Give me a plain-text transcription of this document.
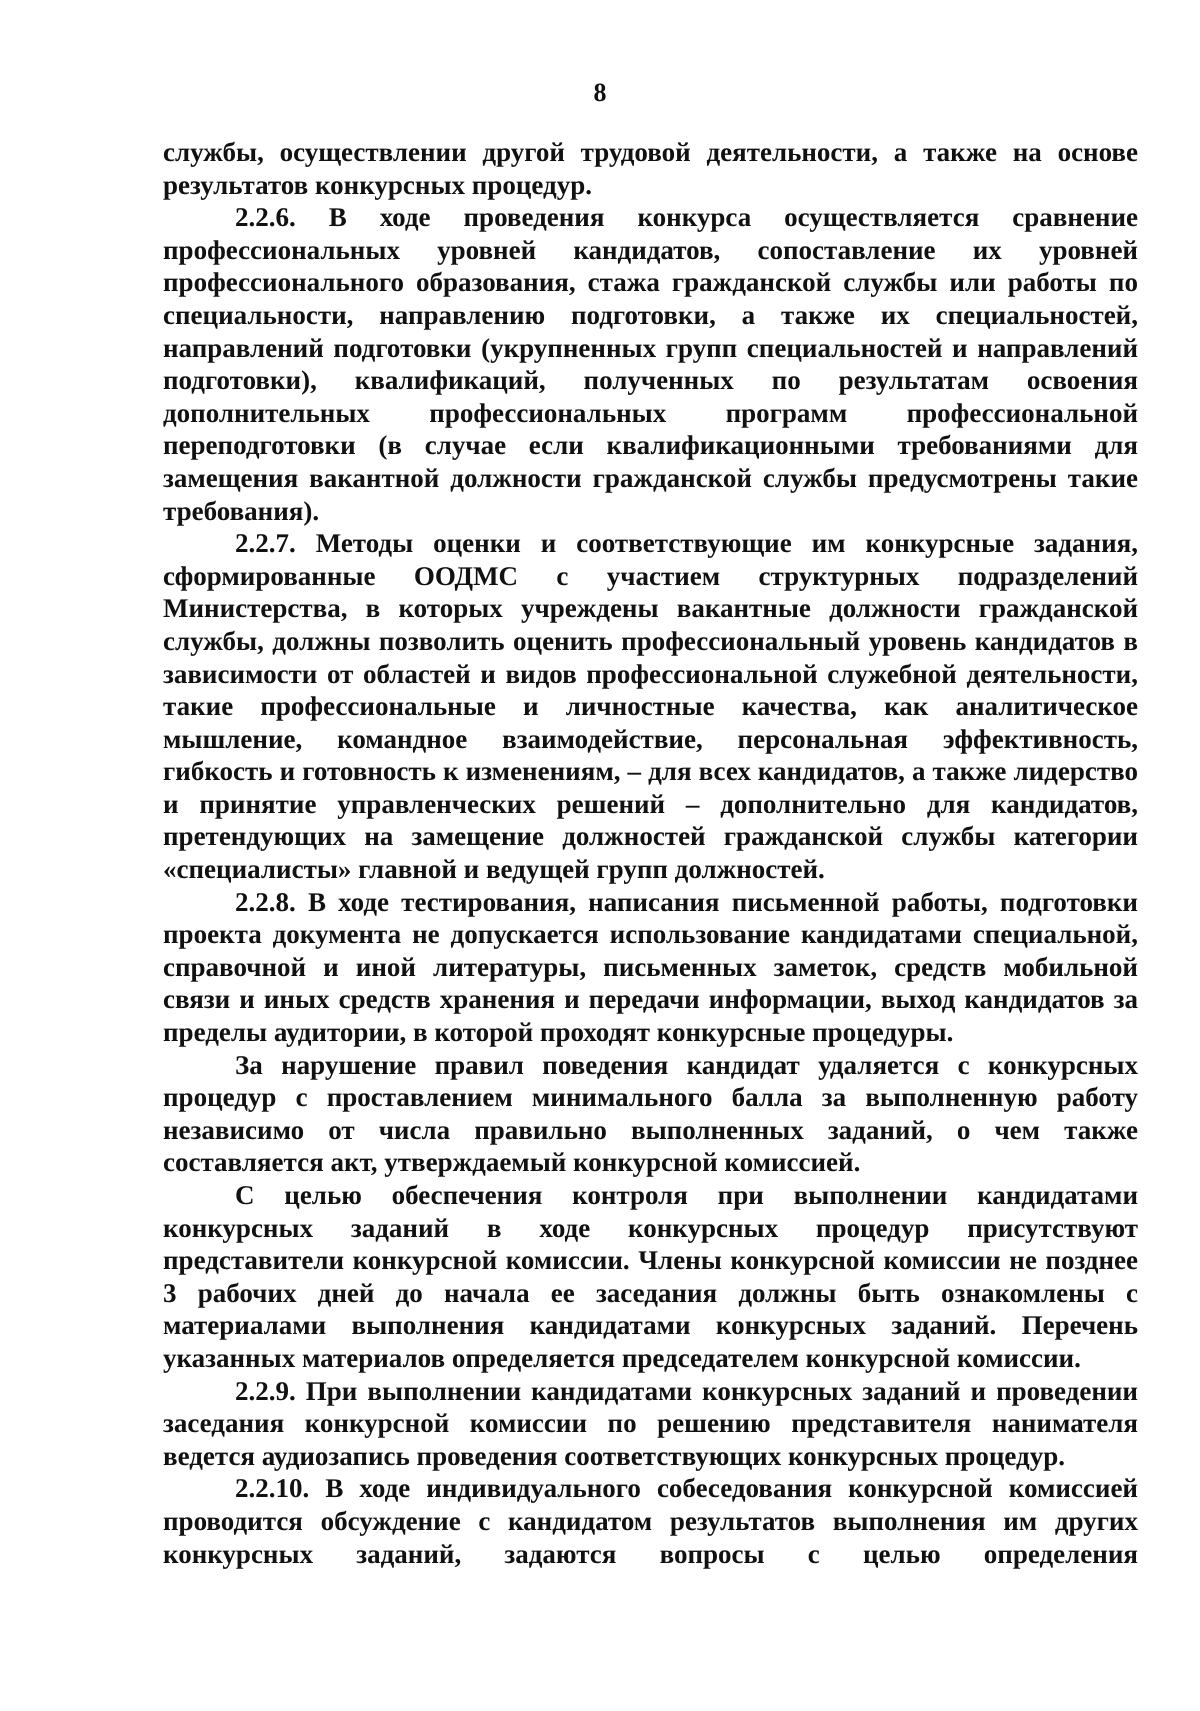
8

службы, осуществлении другой трудовой деятельности, а также на основе результатов конкурсных процедур.

2.2.6. В ходе проведения конкурса осуществляется сравнение профессиональных уровней кандидатов, сопоставление их уровней профессионального образования, стажа гражданской службы или работы по специальности, направлению подготовки, а также их специальностей, направлений подготовки (укрупненных групп специальностей и направлений подготовки), квалификаций, полученных по результатам освоения дополнительных профессиональных программ профессиональной переподготовки (в случае если квалификационными требованиями для замещения вакантной должности гражданской службы предусмотрены такие требования).

2.2.7. Методы оценки и соответствующие им конкурсные задания, сформированные ООДМС с участием структурных подразделений Министерства, в которых учреждены вакантные должности гражданской службы, должны позволить оценить профессиональный уровень кандидатов в зависимости от областей и видов профессиональной служебной деятельности, такие профессиональные и личностные качества, как аналитическое мышление, командное взаимодействие, персональная эффективность, гибкость и готовность к изменениям, – для всех кандидатов, а также лидерство и принятие управленческих решений – дополнительно для кандидатов, претендующих на замещение должностей гражданской службы категории «специалисты» главной и ведущей групп должностей.

2.2.8. В ходе тестирования, написания письменной работы, подготовки проекта документа не допускается использование кандидатами специальной, справочной и иной литературы, письменных заметок, средств мобильной связи и иных средств хранения и передачи информации, выход кандидатов за пределы аудитории, в которой проходят конкурсные процедуры.

За нарушение правил поведения кандидат удаляется с конкурсных процедур с проставлением минимального балла за выполненную работу независимо от числа правильно выполненных заданий, о чем также составляется акт, утверждаемый конкурсной комиссией.

С целью обеспечения контроля при выполнении кандидатами конкурсных заданий в ходе конкурсных процедур присутствуют представители конкурсной комиссии. Члены конкурсной комиссии не позднее 3 рабочих дней до начала ее заседания должны быть ознакомлены с материалами выполнения кандидатами конкурсных заданий. Перечень указанных материалов определяется председателем конкурсной комиссии.

2.2.9. При выполнении кандидатами конкурсных заданий и проведении заседания конкурсной комиссии по решению представителя нанимателя ведется аудиозапись проведения соответствующих конкурсных процедур.

2.2.10. В ходе индивидуального собеседования конкурсной комиссией проводится обсуждение с кандидатом результатов выполнения им других конкурсных заданий, задаются вопросы с целью определения
